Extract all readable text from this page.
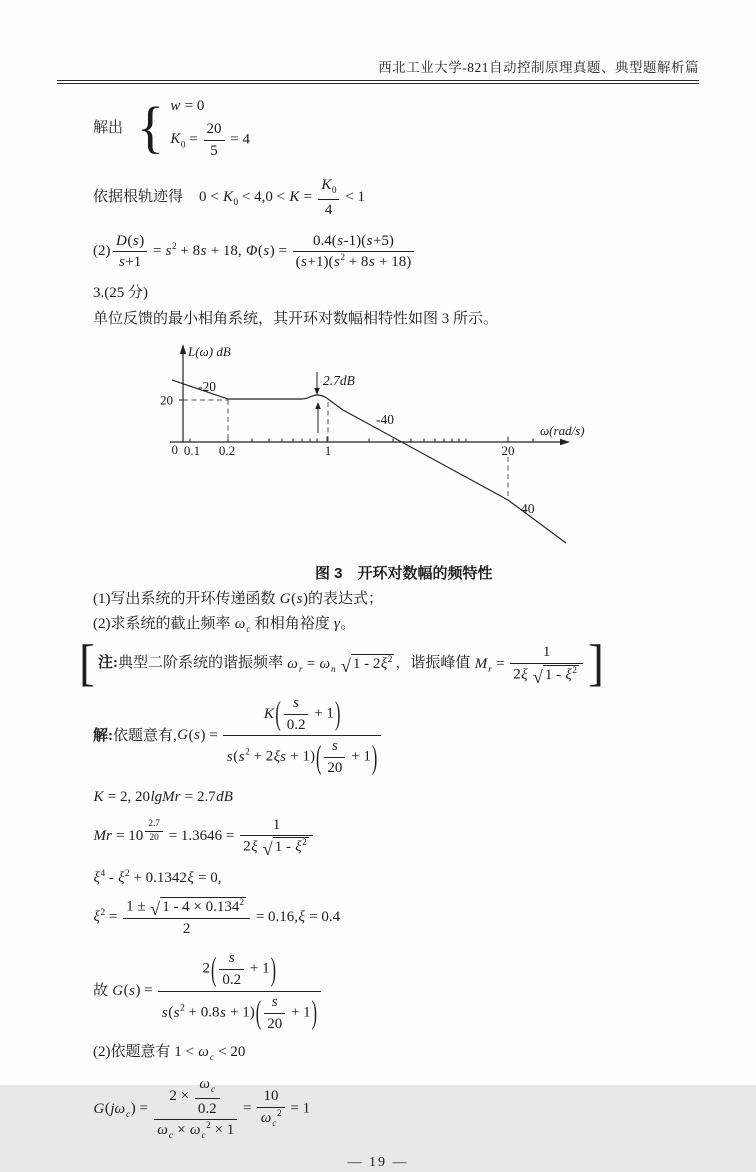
西北工业大学-821自动控制原理真题、典型题解析篇
解出 { w = 0
$K_0 = \frac{20}{5} = 4$
依据根轨迹得 $0 < K_0 < 4,0 < K = \frac{K_0}{4} < 1$
$(2) \frac{D(s)}{s+1} = s^2 + 8s + 18$, $\Phi(s) = \frac{0.4(s-1)(s+5)}{(s+1)(s^2 + 8s + 18)}$
3.(25 分)
单位反馈的最小相角系统，其开环对数幅相特性如图 3 所示。
L(ω) dB
ω(rad/s)
0
20
0.1 0.2	1	20
-20
-40
40
2.7dB
图 3　开环对数幅的频特性
(1)写出系统的开环传递函数 G(s)的表达式；
(2)求系统的截止频率 $\omega_c$ 和相角裕度 γ。
[ 注:典型二阶系统的谐振频率 $\omega_r = \omega_n$ √ $1 - 2\xi^2$ ，谐振峰值 $M_r = \frac{1}{2\xi √ 1 - \xi^2}$ ]
解: 依题意有, $G(s) = \frac{K( \frac{s}{0.2} + 1)}{s(s^2 + 2\xi s + 1)( \frac{s}{20} + 1)}$
K = 2, 20lgMr = 2.7dB
Mr = 10 $^{\frac{2.7}{20}} = 1.3646 = \frac{1}{2\xi √ 1 - \xi^2}$
$\xi^4 - \xi^2 + 0.1342\xi = 0$,
$\xi^2 = \frac{1 \pm √ 1 - 4 \times 0.134^2}{2} = 0.16,\xi = 0.4$
故 $G(s) = \frac{2( \frac{s}{0.2} + 1)}{s(s^2 + 0.8s + 1)( \frac{s}{20} + 1)}$
(2)依题意有 $1 < \omega_c < 20$
$G(j\omega_c) = \frac{2 \times \frac{\omega_c}{0.2}}{\omega_c \times \omega_c^2 \times 1} = \frac{10}{\omega_c^2} = 1$
— 19 —
